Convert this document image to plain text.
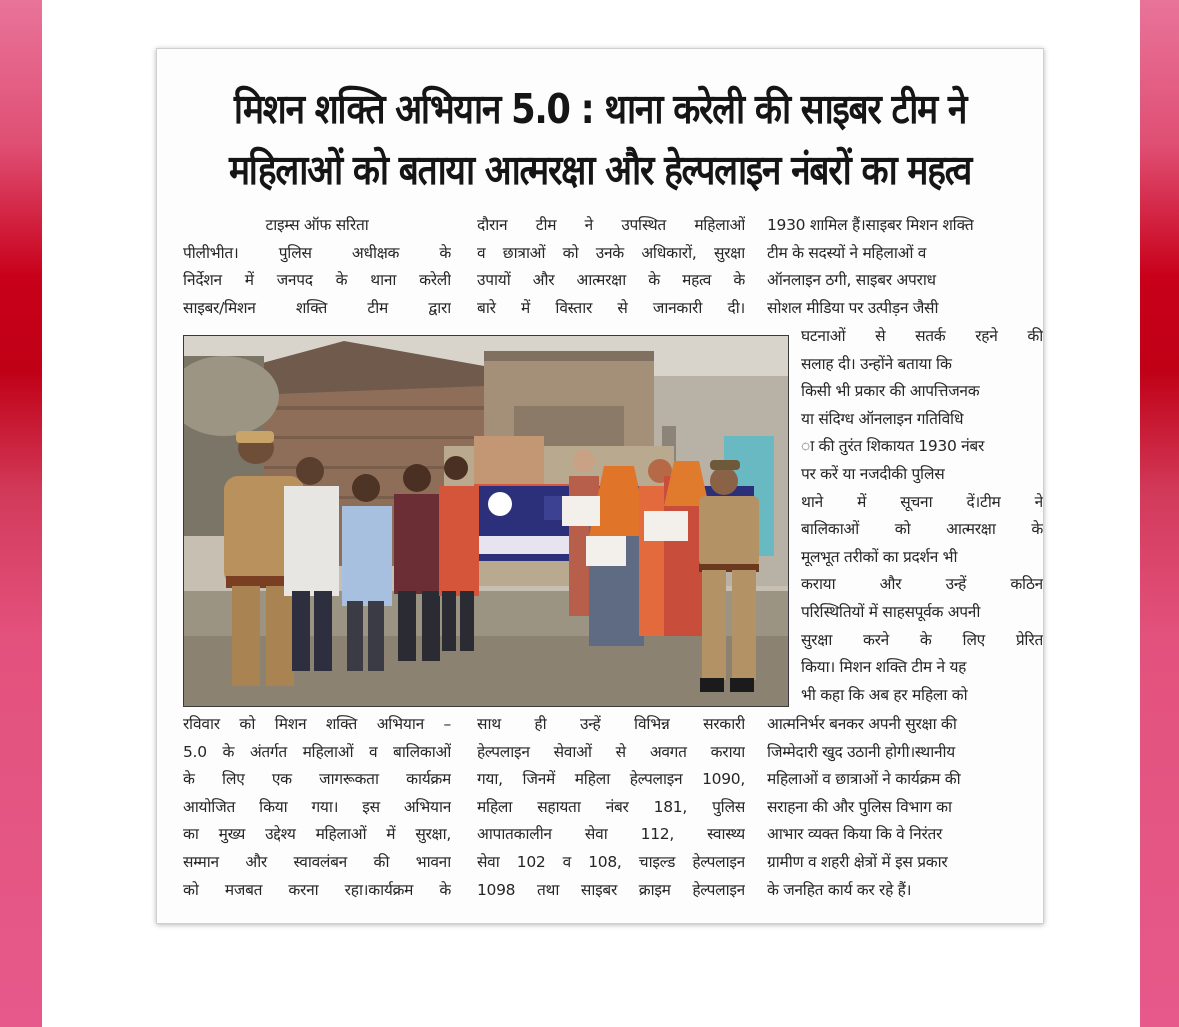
मिशन शक्ति अभियान 5.0 : थाना करेली की साइबर टीम ने
महिलाओं को बताया आत्मरक्षा और हेल्पलाइन नंबरों का महत्व
टाइम्स ऑफ सरिता
पीलीभीत। पुलिस अधीक्षक के
निर्देशन में जनपद के थाना करेली
साइबर/मिशन शक्ति टीम द्वारा
दौरान टीम ने उपस्थित महिलाओं
व छात्राओं को उनके अधिकारों, सुरक्षा
उपायों और आत्मरक्षा के महत्व के
बारे में विस्तार से जानकारी दी।
1930 शामिल हैं।साइबर मिशन शक्ति
टीम के सदस्यों ने महिलाओं व
ऑनलाइन ठगी, साइबर अपराध
सोशल मीडिया पर उत्पीड़न जैसी
घटनाओं से सतर्क रहने की
सलाह दी। उन्होंने बताया कि
किसी भी प्रकार की आपत्तिजनक
या संदिग्ध ऑनलाइन गतिविधि
ा की तुरंत शिकायत 1930 नंबर
पर करें या नजदीकी पुलिस
थाने में सूचना दें।टीम ने
बालिकाओं को आत्मरक्षा के
मूलभूत तरीकों का प्रदर्शन भी
कराया और उन्हें कठिन
परिस्थितियों में साहसपूर्वक अपनी
सुरक्षा करने के लिए प्रेरित
किया। मिशन शक्ति टीम ने यह
भी कहा कि अब हर महिला को
रविवार को मिशन शक्ति अभियान –
5.0 के अंतर्गत महिलाओं व बालिकाओं
के लिए एक जागरूकता कार्यक्रम
आयोजित किया गया। इस अभियान
का मुख्य उद्देश्य महिलाओं में सुरक्षा,
सम्मान और स्वावलंबन की भावना
को मजबत करना रहा।कार्यक्रम के
साथ ही उन्हें विभिन्न सरकारी
हेल्पलाइन सेवाओं से अवगत कराया
गया, जिनमें महिला हेल्पलाइन 1090,
महिला सहायता नंबर 181, पुलिस
आपातकालीन सेवा 112, स्वास्थ्य
सेवा 102 व 108, चाइल्ड हेल्पलाइन
1098 तथा साइबर क्राइम हेल्पलाइन
आत्मनिर्भर बनकर अपनी सुरक्षा की
जिम्मेदारी खुद उठानी होगी।स्थानीय
महिलाओं व छात्राओं ने कार्यक्रम की
सराहना की और पुलिस विभाग का
आभार व्यक्त किया कि वे निरंतर
ग्रामीण व शहरी क्षेत्रों में इस प्रकार
के जनहित कार्य कर रहे हैं।
